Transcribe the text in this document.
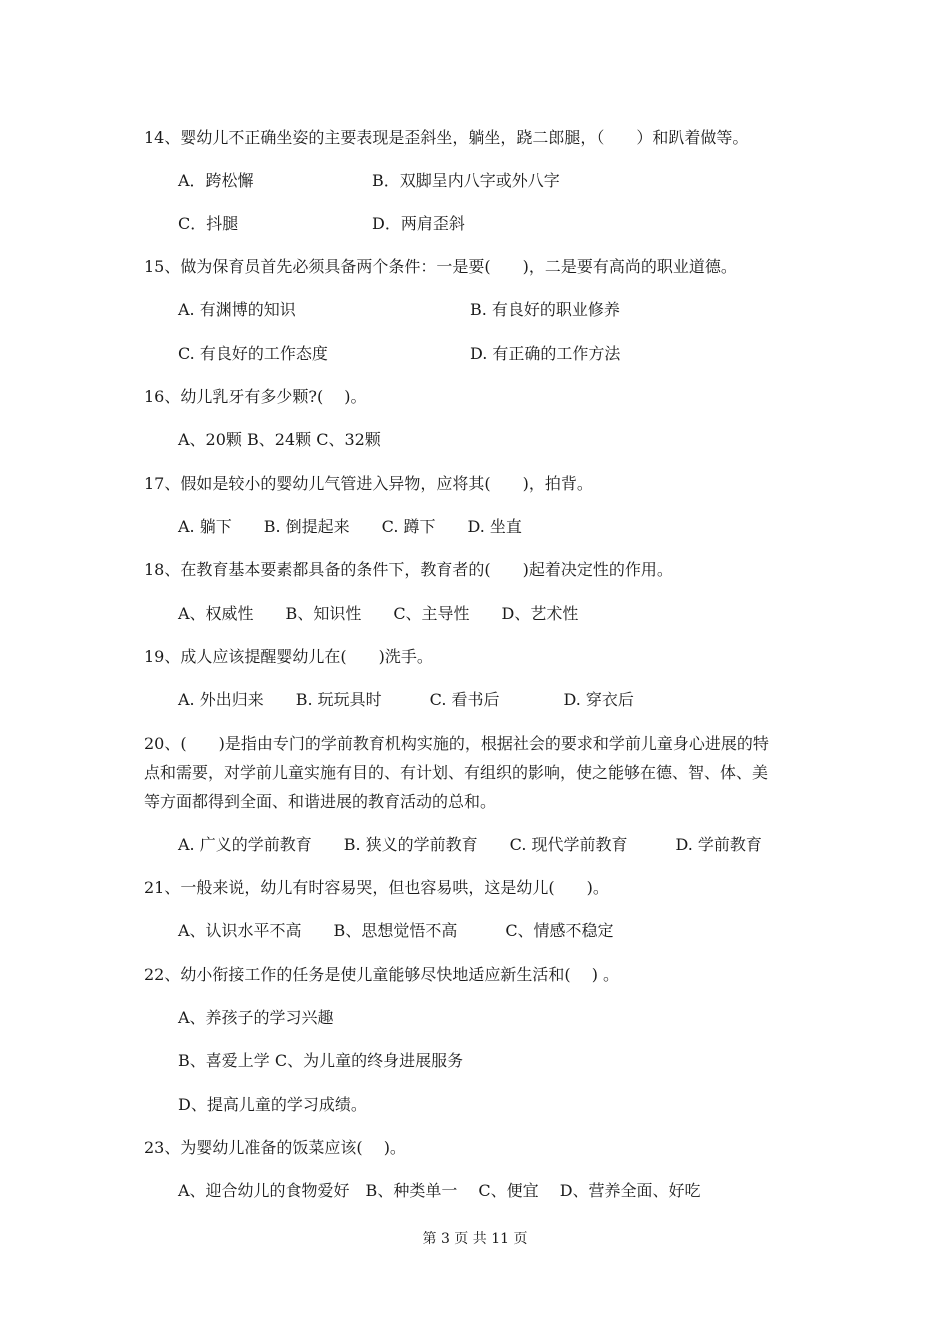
14、婴幼儿不正确坐姿的主要表现是歪斜坐，躺坐，跷二郎腿，（　　）和趴着做等。
A．跨松懈	B．双脚呈内八字或外八字
C．抖腿	D．两肩歪斜
15、做为保育员首先必须具备两个条件：一是要(　　)，二是要有高尚的职业道德。
A. 有渊博的知识	B. 有良好的职业修养
C. 有良好的工作态度	D. 有正确的工作方法
16、幼儿乳牙有多少颗?(　 )。
A、20颗 B、24颗 C、32颗
17、假如是较小的婴幼儿气管进入异物，应将其(　　)，拍背。
A. 躺下　　B. 倒提起来　　C. 蹲下　　D. 坐直
18、在教育基本要素都具备的条件下，教育者的(　　)起着决定性的作用。
A、权威性　　B、知识性　　C、主导性　　D、艺术性
19、成人应该提醒婴幼儿在(　　)洗手。
A. 外出归来　　B. 玩玩具时　　　C. 看书后　　　　D. 穿衣后
20、(　　)是指由专门的学前教育机构实施的，根据社会的要求和学前儿童身心进展的特
点和需要，对学前儿童实施有目的、有计划、有组织的影响，使之能够在德、智、体、美
等方面都得到全面、和谐进展的教育活动的总和。
A. 广义的学前教育　　B. 狭义的学前教育　　C. 现代学前教育　　　D. 学前教育
21、一般来说，幼儿有时容易哭，但也容易哄，这是幼儿(　　)。
A、认识水平不高　　B、思想觉悟不高　　　C、情感不稳定
22、幼小衔接工作的任务是使儿童能够尽快地适应新生活和(　 ) 。
A、养孩子的学习兴趣
B、喜爱上学 C、为儿童的终身进展服务
D、提高儿童的学习成绩。
23、为婴幼儿准备的饭菜应该(　 )。
A、迎合幼儿的食物爱好　B、种类单一　 C、便宜　 D、营养全面、好吃
第 3 页 共 11 页
